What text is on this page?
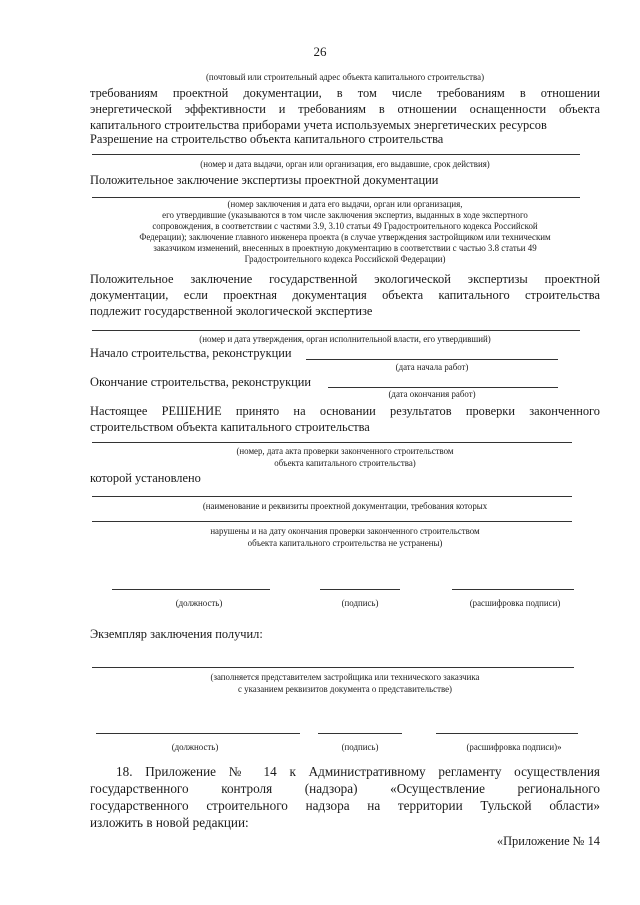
26
(почтовый или строительный адрес объекта капитального строительства)
требованиям проектной документации, в том числе требованиям в отношении
энергетической эффективности и требованиям в отношении оснащенности объекта
капитального строительства приборами учета используемых энергетических ресурсов
Разрешение на строительство объекта капитального строительства
(номер и дата выдачи, орган или организация, его выдавшие, срок действия)
Положительное заключение экспертизы проектной документации
(номер заключения и дата его выдачи, орган или организация,
его утвердившие (указываются в том числе заключения экспертиз, выданных в ходе экспертного
сопровождения, в соответствии с частями 3.9, 3.10 статьи 49 Градостроительного кодекса Российской
Федерации); заключение главного инженера проекта (в случае утверждения застройщиком или техническим
заказчиком изменений, внесенных в проектную документацию в соответствии с частью 3.8 статьи 49
Градостроительного кодекса Российской Федерации)
Положительное заключение государственной экологической экспертизы проектной
документации, если проектная документация объекта капитального строительства
подлежит государственной экологической экспертизе
(номер и дата утверждения, орган исполнительной власти, его утвердивший)
Начало строительства, реконструкции
(дата начала работ)
Окончание строительства, реконструкции
(дата окончания работ)
Настоящее РЕШЕНИЕ принято на основании результатов проверки законченного
строительством объекта капитального строительства
(номер, дата акта проверки законченного строительством
объекта капитального строительства)
которой установлено
(наименование и реквизиты проектной документации, требования которых
нарушены и на дату окончания проверки законченного строительством
объекта капитального строительства не устранены)
(должность)	(подпись)	(расшифровка подписи)
Экземпляр заключения получил:
(заполняется представителем застройщика или технического заказчика
с указанием реквизитов документа о представительстве)
(должность)	(подпись)	(расшифровка подписи)»
18. Приложение № 14 к Административному регламенту осуществления
государственного контроля (надзора) «Осуществление регионального
государственного строительного надзора на территории Тульской области»
изложить в новой редакции:
«Приложение № 14
